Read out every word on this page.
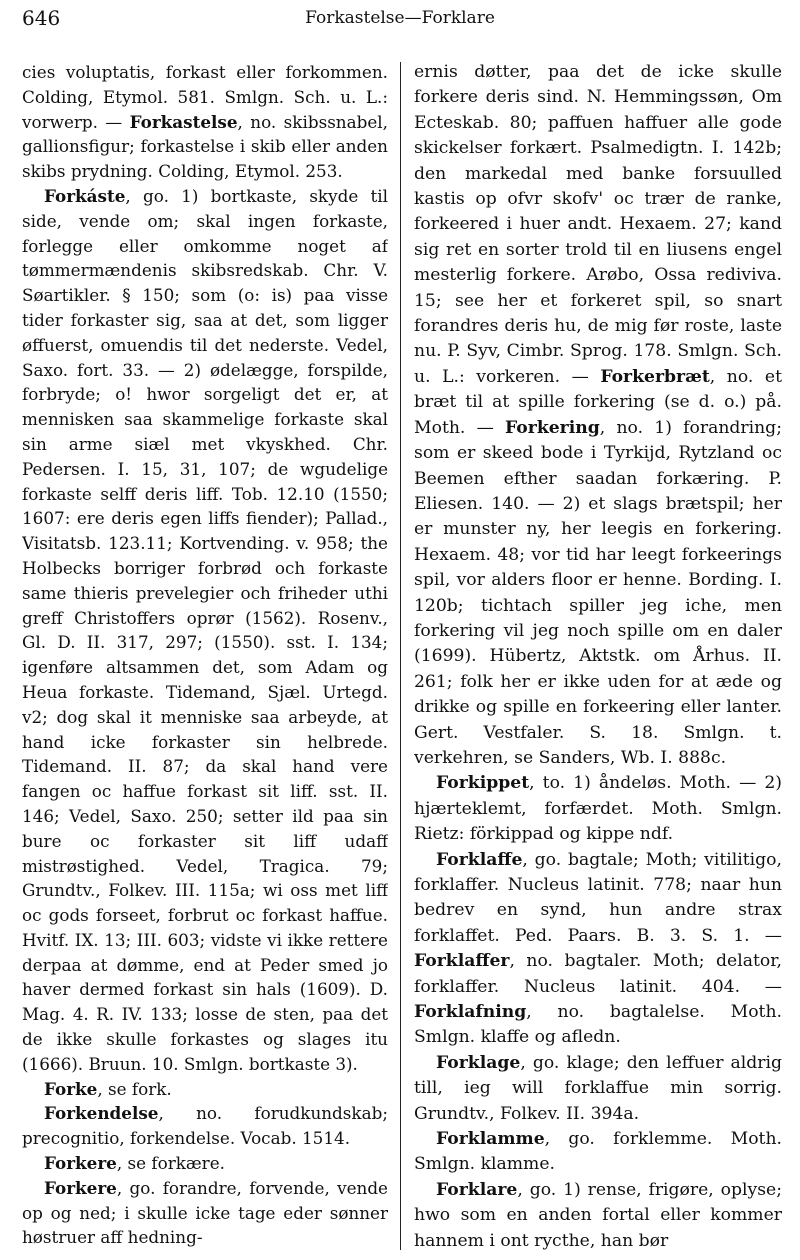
646	Forkastelse—Forklare

cies voluptatis, forkast eller forkommen. Colding, Etymol. 581. Smlgn. Sch. u. L.: vorwerp. — Forkastelse, no. skibssnabel, gallionsfigur; forkastelse i skib eller anden skibs prydning. Colding, Etymol. 253.

Forkáste, go. 1) bortkaste, skyde til side, vende om; skal ingen forkaste, forlegge eller omkomme noget af tømmermændenis skibsredskab. Chr. V. Søartikler. § 150; som (o: is) paa visse tider forkaster sig, saa at det, som ligger øffuerst, omuendis til det nederste. Vedel, Saxo. fort. 33. — 2) ødelægge, forspilde, forbryde; o! hwor sorgeligt det er, at mennisken saa skammelige forkaste skal sin arme siæl met vkyskhed. Chr. Pedersen. I. 15, 31, 107; de wgudelige forkaste selff deris liff. Tob. 12.10 (1550; 1607: ere deris egen liffs fiender); Pallad., Visitatsb. 123.11; Kortvending. v. 958; the Holbecks borriger forbrød och forkaste same thieris prevelegier och friheder uthi greff Christoffers oprør (1562). Rosenv., Gl. D. II. 317, 297; (1550). sst. I. 134; igenføre altsammen det, som Adam og Heua forkaste. Tidemand, Sjæl. Urtegd. v2; dog skal it menniske saa arbeyde, at hand icke forkaster sin helbrede. Tidemand. II. 87; da skal hand vere fangen oc haffue forkast sit liff. sst. II. 146; Vedel, Saxo. 250; setter ild paa sin bure oc forkaster sit liff udaff mistrøstighed. Vedel, Tragica. 79; Grundtv., Folkev. III. 115a; wi oss met liff oc gods forseet, forbrut oc forkast haffue. Hvitf. IX. 13; III. 603; vidste vi ikke rettere derpaa at dømme, end at Peder smed jo haver dermed forkast sin hals (1609). D. Mag. 4. R. IV. 133; losse de sten, paa det de ikke skulle forkastes og slages itu (1666). Bruun. 10. Smlgn. bortkaste 3).

Forke, se fork.

Forkendelse, no. forudkundskab; precognitio, forkendelse. Vocab. 1514.

Forkere, se forkære.

Forkere, go. forandre, forvende, vende op og ned; i skulle icke tage eder sønner høstruer aff hedning-

ernis døtter, paa det de icke skulle forkere deris sind. N. Hemmingssøn, Om Ecteskab. 80; paffuen haffuer alle gode skickelser forkært. Psalmedigtn. I. 142b; den markedal med banke forsuulled kastis op ofvr skofv' oc trær de ranke, forkeered i huer andt. Hexaem. 27; kand sig ret en sorter trold til en liusens engel mesterlig forkere. Arøbo, Ossa rediviva. 15; see her et forkeret spil, so snart forandres deris hu, de mig før roste, laste nu. P. Syv, Cimbr. Sprog. 178. Smlgn. Sch. u. L.: vorkeren. — Forkerbræt, no. et bræt til at spille forkering (se d. o.) på. Moth. — Forkering, no. 1) forandring; som er skeed bode i Tyrkijd, Rytzland oc Beemen efther saadan forkæring. P. Eliesen. 140. — 2) et slags brætspil; her er munster ny, her leegis en forkering. Hexaem. 48; vor tid har leegt forkeerings spil, vor alders floor er henne. Bording. I. 120b; tichtach spiller jeg iche, men forkering vil jeg noch spille om en daler (1699). Hübertz, Aktstk. om Århus. II. 261; folk her er ikke uden for at æde og drikke og spille en forkeering eller lanter. Gert. Vestfaler. S. 18. Smlgn. t. verkehren, se Sanders, Wb. I. 888c.

Forkippet, to. 1) åndeløs. Moth. — 2) hjærteklemt, forfærdet. Moth. Smlgn. Rietz: förkippad og kippe ndf.

Forklaffe, go. bagtale; Moth; vitilitigo, forklaffer. Nucleus latinit. 778; naar hun bedrev en synd, hun andre strax forklaffet. Ped. Paars. B. 3. S. 1. — Forklaffer, no. bagtaler. Moth; delator, forklaffer. Nucleus latinit. 404. — Forklafning, no. bagtalelse. Moth. Smlgn. klaffe og afledn.

Forklage, go. klage; den leffuer aldrig till, ieg will forklaffue min sorrig. Grundtv., Folkev. II. 394a.

Forklamme, go. forklemme. Moth. Smlgn. klamme.

Forklare, go. 1) rense, frigøre, oplyse; hwo som en anden fortal eller kommer hannem i ont rycthe, han bør
